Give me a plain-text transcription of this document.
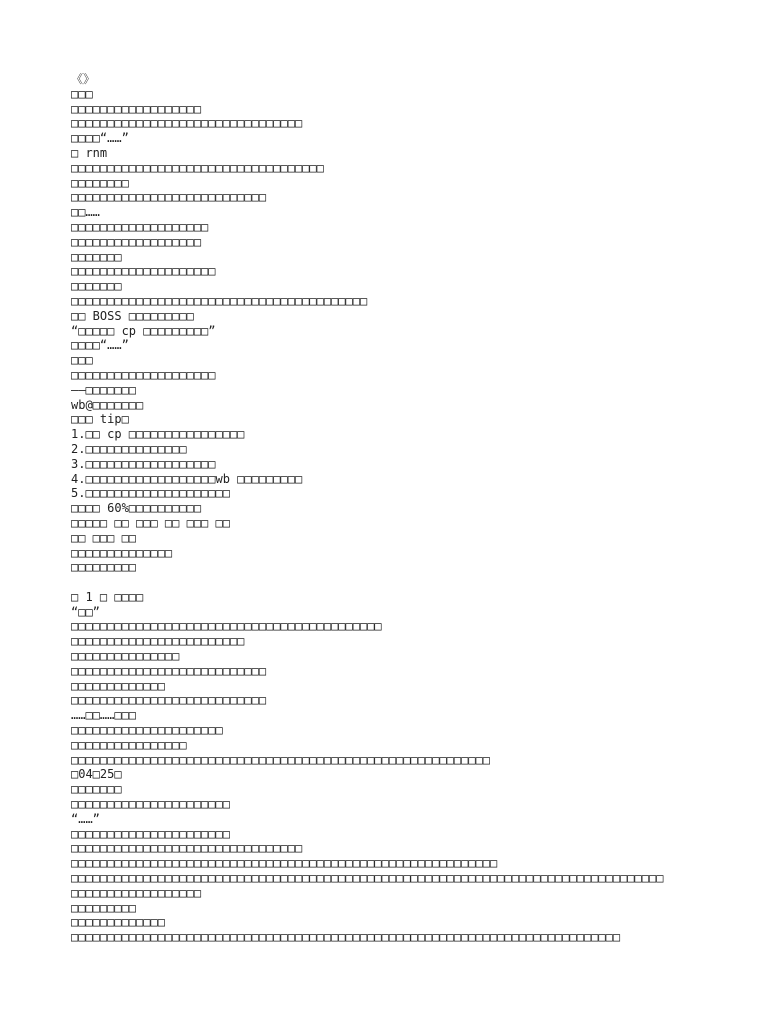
《》
□□□
□□□□□□□□□□□□□□□□□□
□□□□□□□□□□□□□□□□□□□□□□□□□□□□□□□□
□□□□“……”
□ rnm
□□□□□□□□□□□□□□□□□□□□□□□□□□□□□□□□□□□
□□□□□□□□
□□□□□□□□□□□□□□□□□□□□□□□□□□□
□□……
□□□□□□□□□□□□□□□□□□□
□□□□□□□□□□□□□□□□□□
□□□□□□□
□□□□□□□□□□□□□□□□□□□□
□□□□□□□
□□□□□□□□□□□□□□□□□□□□□□□□□□□□□□□□□□□□□□□□□
□□ BOSS □□□□□□□□□
“□□□□□ cp □□□□□□□□□”
□□□□“……”
□□□
□□□□□□□□□□□□□□□□□□□□
——□□□□□□□
wb@□□□□□□□
□□□ tip□
1.□□ cp □□□□□□□□□□□□□□□□
2.□□□□□□□□□□□□□□
3.□□□□□□□□□□□□□□□□□□
4.□□□□□□□□□□□□□□□□□□wb □□□□□□□□□
5.□□□□□□□□□□□□□□□□□□□□
□□□□ 60%□□□□□□□□□□
□□□□□ □□ □□□ □□ □□□ □□
□□ □□□ □□
□□□□□□□□□□□□□□
□□□□□□□□□
□ 1 □ □□□□
“□□”
□□□□□□□□□□□□□□□□□□□□□□□□□□□□□□□□□□□□□□□□□□□
□□□□□□□□□□□□□□□□□□□□□□□□
□□□□□□□□□□□□□□□
□□□□□□□□□□□□□□□□□□□□□□□□□□□
□□□□□□□□□□□□□
□□□□□□□□□□□□□□□□□□□□□□□□□□□
……□□……□□□
□□□□□□□□□□□□□□□□□□□□□
□□□□□□□□□□□□□□□□
□□□□□□□□□□□□□□□□□□□□□□□□□□□□□□□□□□□□□□□□□□□□□□□□□□□□□□□□□□
□04□25□
□□□□□□□
□□□□□□□□□□□□□□□□□□□□□□
“……”
□□□□□□□□□□□□□□□□□□□□□□
□□□□□□□□□□□□□□□□□□□□□□□□□□□□□□□□
□□□□□□□□□□□□□□□□□□□□□□□□□□□□□□□□□□□□□□□□□□□□□□□□□□□□□□□□□□□
□□□□□□□□□□□□□□□□□□□□□□□□□□□□□□□□□□□□□□□□□□□□□□□□□□□□□□□□□□□□□□□□□□□□□□□□□□□□□□□□□□
□□□□□□□□□□□□□□□□□□
□□□□□□□□□
□□□□□□□□□□□□□
□□□□□□□□□□□□□□□□□□□□□□□□□□□□□□□□□□□□□□□□□□□□□□□□□□□□□□□□□□□□□□□□□□□□□□□□□□□□
